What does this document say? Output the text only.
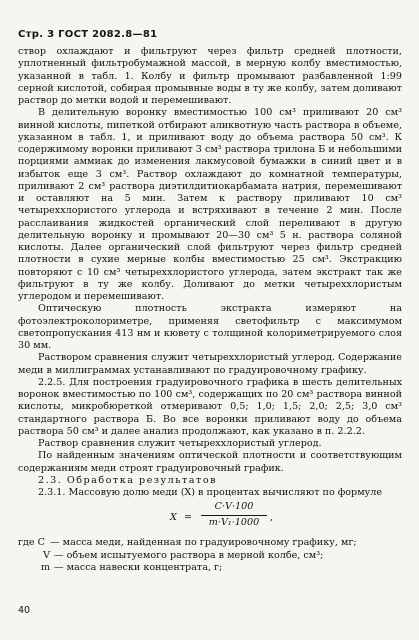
Стр. 3 ГОСТ 2082.8—81

створ охлаждают и фильтруют через фильтр средней плотности, уплотненный фильтробумажной массой, в мерную колбу вместимостью, указанной в табл. 1. Колбу и фильтр промывают разбавленной 1:99 серной кислотой, собирая промывные воды в ту же колбу, затем доливают раствор до метки водой и перемешивают.

В делительную воронку вместимостью 100 см³ приливают 20 см³ винной кислоты, пипеткой отбирают аликвотную часть раствора в объеме, указанном в табл. 1, и приливают воду до объема раствора 50 см³. К содержимому воронки приливают 3 см³ раствора трилона Б и небольшими порциями аммиак до изменения лакмусовой бумажки в синий цвет и в избыток еще 3 см³. Раствор охлаждают до комнатной температуры, приливают 2 см³ раствора диэтилдитиокарбамата натрия, перемешивают и оставляют на 5 мин. Затем к раствору приливают 10 см³ четыреххлористого углерода и встряхивают в течение 2 мин. После расслаивания жидкостей органический слой переливают в другую делительную воронку и промывают 20—30 см³ 5 н. раствора соляной кислоты. Далее органический слой фильтруют через фильтр средней плотности в сухие мерные колбы вместимостью 25 см³. Экстракцию повторяют с 10 см³ четыреххлористого углерода, затем экстракт так же фильтруют в ту же колбу. Доливают до метки четыреххлористым углеродом и перемешивают.

Оптическую плотность экстракта измеряют на фотоэлектроколориметре, применяя светофильтр с максимумом светопропускания 413 нм и кювету с толщиной колориметрируемого слоя 30 мм.

Раствором сравнения служит четыреххлористый углерод. Содержание меди в миллиграммах устанавливают по градуировочному графику.

2.2.5. Для построения градуировочного графика в шесть делительных воронок вместимостью по 100 см³, содержащих по 20 см³ раствора винной кислоты, микробюреткой отмеривают 0,5; 1,0; 1,5; 2,0; 2,5; 3,0 см³ стандартного раствора Б. Во все воронки приливают воду до объема раствора 50 см³ и далее анализ продолжают, как указано в п. 2.2.2.

Раствор сравнения служит четыреххлористый углерод.

По найденным значениям оптической плотности и соответствующим содержаниям меди строят градуировочный график.

2.3. Обработка результатов

2.3.1. Массовую долю меди (X) в процентах вычисляют по формуле

$X = \frac{C\cdot V\cdot 100}{\text{m·V₁·1000}}$ ,
где C — масса меди, найденная по градуировочному графику, мг;
V — объем испытуемого раствора в мерной колбе, см³;
m — масса навески концентрата, г;
40
